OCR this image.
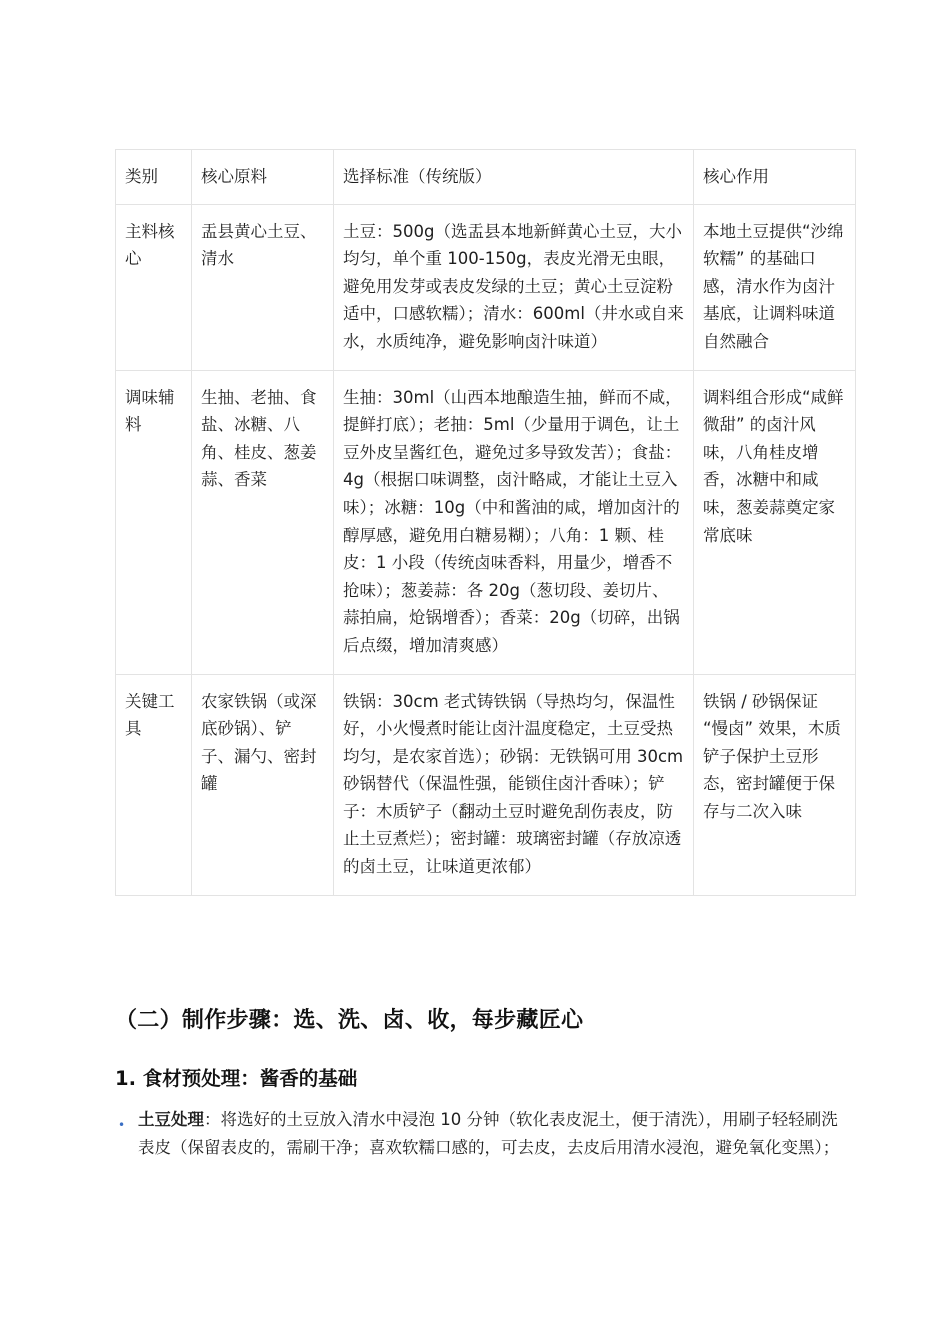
类别	核心原料	选择标准（传统版）	核心作用
主料核心	盂县黄心土豆、清水	土豆：500g（选盂县本地新鲜黄心土豆，大小均匀，单个重 100-150g，表皮光滑无虫眼，避免用发芽或表皮发绿的土豆；黄心土豆淀粉适中，口感软糯）；清水：600ml（井水或自来水，水质纯净，避免影响卤汁味道）	本地土豆提供“沙绵软糯” 的基础口感，清水作为卤汁基底，让调料味道自然融合
调味辅料	生抽、老抽、食盐、冰糖、八角、桂皮、葱姜蒜、香菜	生抽：30ml（山西本地酿造生抽，鲜而不咸，提鲜打底）；老抽：5ml（少量用于调色，让土豆外皮呈酱红色，避免过多导致发苦）；食盐：4g（根据口味调整，卤汁略咸，才能让土豆入味）；冰糖：10g（中和酱油的咸，增加卤汁的醇厚感，避免用白糖易糊）；八角：1 颗、桂皮：1 小段（传统卤味香料，用量少，增香不抢味）；葱姜蒜：各 20g（葱切段、姜切片、蒜拍扁，炝锅增香）；香菜：20g（切碎，出锅后点缀，增加清爽感）	调料组合形成“咸鲜微甜” 的卤汁风味，八角桂皮增香，冰糖中和咸味，葱姜蒜奠定家常底味
关键工具	农家铁锅（或深底砂锅）、铲子、漏勺、密封罐	铁锅：30cm 老式铸铁锅（导热均匀，保温性好，小火慢煮时能让卤汁温度稳定，土豆受热均匀，是农家首选）；砂锅：无铁锅可用 30cm 砂锅替代（保温性强，能锁住卤汁香味）；铲子：木质铲子（翻动土豆时避免刮伤表皮，防止土豆煮烂）；密封罐：玻璃密封罐（存放凉透的卤土豆，让味道更浓郁）	铁锅 / 砂锅保证 “慢卤” 效果，木质铲子保护土豆形态，密封罐便于保存与二次入味
（二）制作步骤：选、洗、卤、收，每步藏匠心
1. 食材预处理：酱香的基础
• 土豆处理：将选好的土豆放入清水中浸泡 10 分钟（软化表皮泥土，便于清洗），用刷子轻轻刷洗表皮（保留表皮的，需刷干净；喜欢软糯口感的，可去皮，去皮后用清水浸泡，避免氧化变黑）；
